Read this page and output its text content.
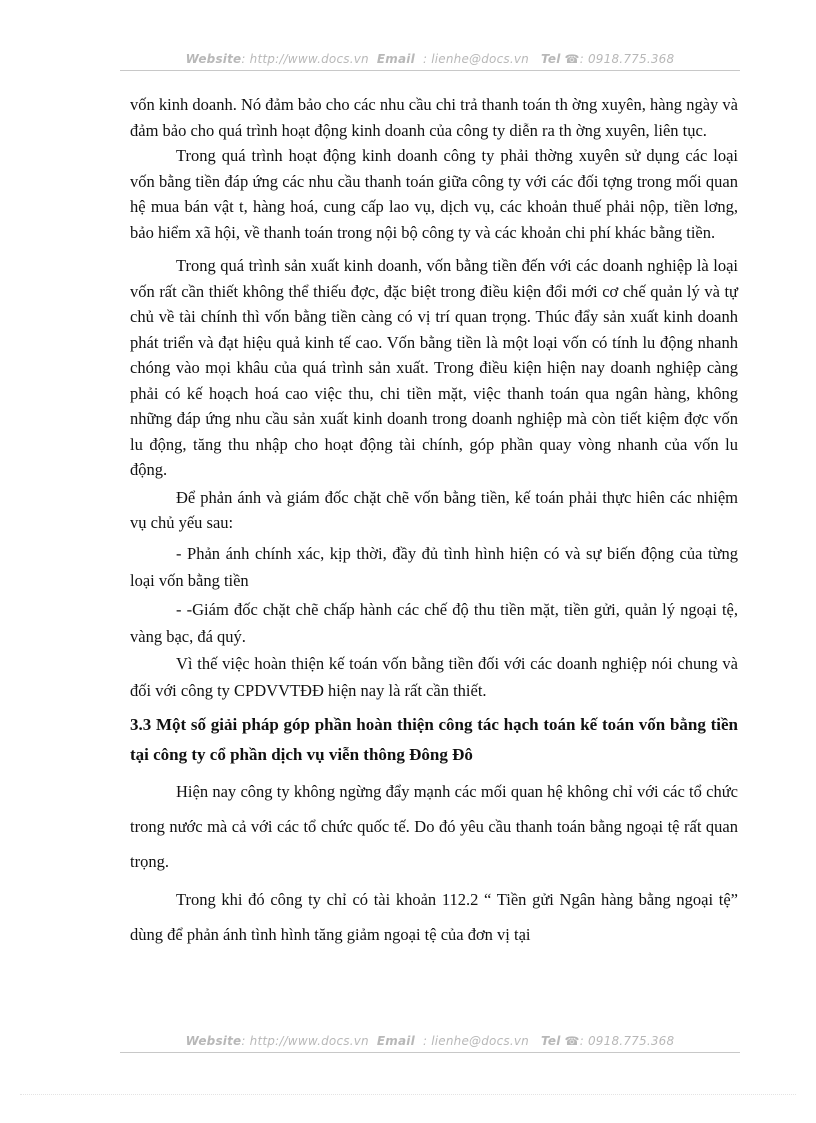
Website: http://www.docs.vn Email : lienhe@docs.vn Tel ☎: 0918.775.368

vốn kinh doanh. Nó đảm bảo cho các nhu cầu chi trả thanh toán th ờng xuyên, hàng ngày và đảm bảo cho quá trình hoạt động kinh doanh của công ty diễn ra th ờng xuyên, liên tục.

Trong quá trình hoạt động kinh doanh công ty phải thờng xuyên sử dụng các loại vốn bằng tiền đáp ứng các nhu cầu thanh toán giữa công ty với các đối tợng trong mối quan hệ mua bán vật t, hàng hoá, cung cấp lao vụ, dịch vụ, các khoản thuế phải nộp, tiền lơng, bảo hiểm xã hội, về thanh toán trong nội bộ công ty và các khoản chi phí khác bằng tiền.

Trong quá trình sản xuất kinh doanh, vốn bằng tiền đến với các doanh nghiệp là loại vốn rất cần thiết không thể thiếu đợc, đặc biệt trong điều kiện đổi mới cơ chế quản lý và tự chủ về tài chính thì vốn bằng tiền càng có vị trí quan trọng. Thúc đẩy sản xuất kinh doanh phát triển và đạt hiệu quả kinh tế cao. Vốn bằng tiền là một loại vốn có tính lu động nhanh chóng vào mọi khâu của quá trình sản xuất. Trong điều kiện hiện nay doanh nghiệp càng phải có kế hoạch hoá cao việc thu, chi tiền mặt, việc thanh toán qua ngân hàng, không những đáp ứng nhu cầu sản xuất kinh doanh trong doanh nghiệp mà còn tiết kiệm đợc vốn lu động, tăng thu nhập cho hoạt động tài chính, góp phần quay vòng nhanh của vốn lu động.

Để phản ánh và giám đốc chặt chẽ vốn bằng tiền, kế toán phải thực hiên các nhiệm vụ chủ yếu sau:

- Phản ánh chính xác, kịp thời, đầy đủ tình hình hiện có và sự biến động của từng loại vốn bằng tiền

- -Giám đốc chặt chẽ chấp hành các chế độ thu tiền mặt, tiền gửi, quản lý ngoại tệ, vàng bạc, đá quý.

Vì thế việc hoàn thiện kế toán vốn bằng tiền đối với các doanh nghiệp nói chung và đối với công ty CPDVVTĐĐ hiện nay là rất cần thiết.

3.3 Một số giải pháp góp phần hoàn thiện công tác hạch toán kế toán vốn bằng tiền tại công ty cổ phần dịch vụ viễn thông Đông Đô

Hiện nay công ty không ngừng đẩy mạnh các mối quan hệ không chỉ với các tổ chức trong nước mà cả với các tổ chức quốc tế. Do đó yêu cầu thanh toán bằng ngoại tệ rất quan trọng.

Trong khi đó công ty chỉ có tài khoản 112.2 “ Tiền gửi Ngân hàng bằng ngoại tệ” dùng để phản ánh tình hình tăng giảm ngoại tệ của đơn vị tại

Website: http://www.docs.vn Email : lienhe@docs.vn Tel ☎: 0918.775.368
